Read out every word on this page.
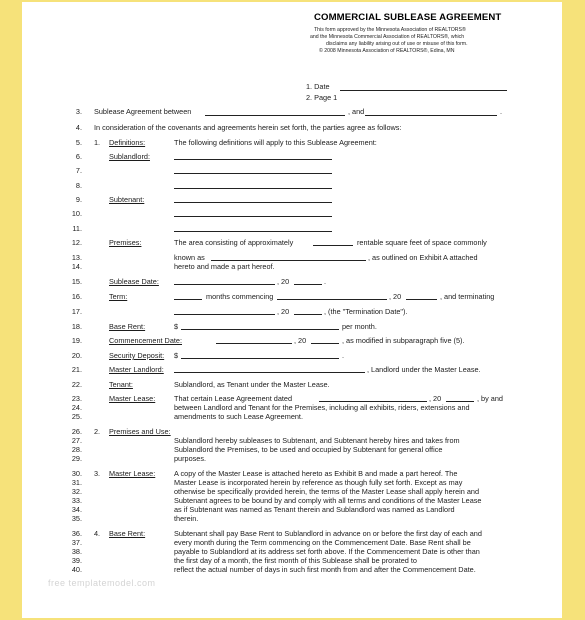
COMMERCIAL SUBLEASE AGREEMENT
This form approved by the Minnesota Association of REALTORS®
and the Minnesota Commercial Association of REALTORS®, which
disclaims any liability arising out of use or misuse of this form.
© 2008 Minnesota Association of REALTORS®, Edina, MN
1. Date
2. Page 1
3. Sublease Agreement between	, and	.
4. In consideration of the covenants and agreements herein set forth, the parties agree as follows:
5. 1. Definitions:	The following definitions will apply to this Sublease Agreement:
6.	Sublandlord:
7.
8.
9.	Subtenant:
10.
11.
12.	Premises:	The area consisting of approximately	rentable square feet of space commonly
13.	known as	, as outlined on Exhibit A attached
14.	hereto and made a part hereof.
15.	Sublease Date:	, 20	.
16.	Term:	months commencing	, 20	, and terminating
17.	, 20	, (the "Termination Date").
18.	Base Rent:	$	per month.
19.	Commencement Date:	, 20	, as modified in subparagraph five (5).
20.	Security Deposit: $	.
21.	Master Landlord:	, Landlord under the Master Lease.
22.	Tenant:	Sublandlord, as Tenant under the Master Lease.
23.	Master Lease:	That certain Lease Agreement dated	, 20	, by and
24.	between Landlord and Tenant for the Premises, including all exhibits, riders, extensions and
25.	amendments to such Lease Agreement.
26. 2. Premises and Use:
27.	Sublandlord hereby subleases to Subtenant, and Subtenant hereby hires and takes from
28.	Sublandlord the Premises, to be used and occupied by Subtenant for general office
29.	purposes.
30. 3. Master Lease:	A copy of the Master Lease is attached hereto as Exhibit B and made a part hereof. The
31.	Master Lease is incorporated herein by reference as though fully set forth. Except as may
32.	otherwise be specifically provided herein, the terms of the Master Lease shall apply herein and
33.	Subtenant agrees to be bound by and comply with all terms and conditions of the Master Lease
34.	as if Subtenant was named as Tenant therein and Sublandlord was named as Landlord
35.	therein.
36. 4. Base Rent:	Subtenant shall pay Base Rent to Sublandlord in advance on or before the first day of each and
37.	every month during the Term commencing on the Commencement Date. Base Rent shall be
38.	payable to Sublandlord at its address set forth above. If the Commencement Date is other than
39.	the first day of a month, the first month of this Sublease shall be prorated to
40.	reflect the actual number of days in such first month from and after the Commencement Date.
free templatemodel.com
